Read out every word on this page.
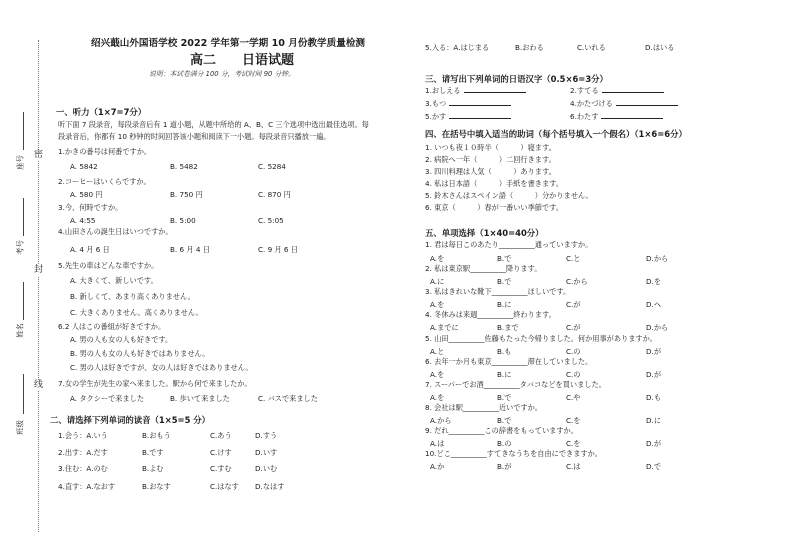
密
封
线
座号
考号
姓名
班级
绍兴蕺山外国语学校 2022 学年第一学期 10 月份教学质量检测
高二　　日语试题
说明：本试卷满分 100 分，考试时间 90 分钟。
一、听力（1×7=7分）
听下面 7 段录音，每段录音后有 1 道小题，从题中所给的 A、B、C 三个选项中选出最佳选项。每
段录音后，你都有 10 秒钟的时间回答该小题和阅读下一小题。每段录音只播放一遍。
1.かきの番号は何番ですか。
A. 5842	B. 5482	C. 5284
2.コーヒーはいくらですか。
A. 580 円	B. 750 円	C. 870 円
3.今、何時ですか。
A. 4:55	B. 5:00	C. 5:05
4.山田さんの誕生日はいつですか。
A. 4 月 6 日	B. 6 月 4 日	C. 9 月 6 日
5.先生の車はどんな車ですか。
A. 大きくて、新しいです。
B. 新しくて、あまり高くありません。
C. 大きくありません。高くありません。
6.2 人はこの番組が好きですか。
A. 男の人も女の人も好きです。
B. 男の人も女の人も好きではありません。
C. 男の人は好きですが、女の人は好きではありません。
7.女の学生が先生の家へ来ました。駅から何で来ましたか。
A. タクシーで来ました	B. 歩いて来ました	C. バスで来ました
二、请选择下列单词的读音（1×5=5 分）
1.会う： A.いう	B.おもう	C.あう	D.すう
2.出す： A.だす	B.です	C.けす	D.いす
3.住む： A.のむ	B.よむ	C.すむ	D.いむ
4.直す： A.なおす	B.おなす	C.はなす D.なはす
5.入る： A.はじまる	B.おわる	C.いれる	D.はいる
三、请写出下列单词的日语汉字（0.5×6=3分）
1.おしえる	2.すてる
3.もつ	4.かたづける
5.かす	6.わたす
四、在括号中填入适当的助词（每个括号填入一个假名）（1×6=6分）
1. いつも夜１０時半（　　　）寝ます。
2. 病院へ一年（　　　）二回行きます。
3. 四川料理は人気（　　　）あります。
4. 私は日本語（　　　）手紙を書きます。
5. 鈴木さんはスペイン語（　　　）分かりません。
6. 東京（　　　）春が一番いい季節です。
五、单项选择（1×40=40分）
1. 君は毎日このあたり__________通っていますか。
A.を	B.で	C.と	D.から
2. 私は東京駅__________降ります。
A.に	B.で	C.から	D.を
3. 私はきれいな靴下__________ほしいです。
A.を	B.に	C.が	D.へ
4. 冬休みは来週__________終わります。
A.までに	B.まで	C.が	D.から
5. 山田__________佐藤もたった今帰りました。何か用事がありますか。
A.と	B.も	C.の	D.が
6. 去年一か月も東京__________滞在していました。
A.を	B.に	C.の	D.が
7. スーパーでお酒__________タバコなどを買いました。
A.を	B.で	C.や	D.も
8. 会社は駅__________近いですか。
A.から	B.で	C.を	D.に
9. だれ__________この辞書をもっていますか。
A.は	B.の	C.を	D.が
10.どこ__________すてきなうちを自由にできますか。
A.か	B.が	C.は	D.で
